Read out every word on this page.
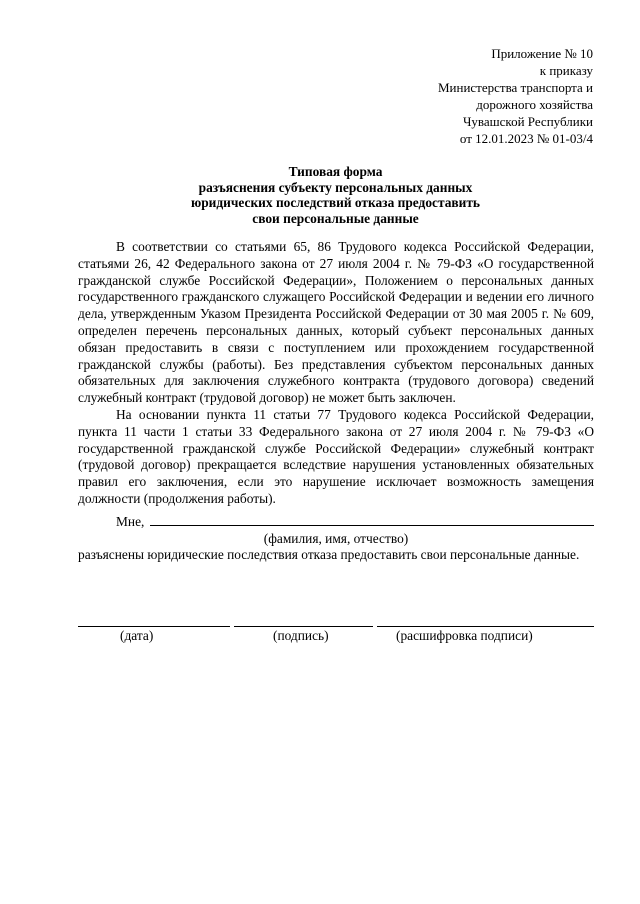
Приложение № 10
к приказу
Министерства транспорта и
дорожного хозяйства
Чувашской Республики
от 12.01.2023 № 01-03/4
Типовая форма
разъяснения субъекту персональных данных
юридических последствий отказа предоставить
свои персональные данные

В соответствии со статьями 65, 86 Трудового кодекса Российской Федерации, статьями 26, 42 Федерального закона от 27 июля 2004 г. № 79-ФЗ «О государственной гражданской службе Российской Федерации», Положением о персональных данных государственного гражданского служащего Российской Федерации и ведении его личного дела, утвержденным Указом Президента Российской Федерации от 30 мая 2005 г. № 609, определен перечень персональных данных, который субъект персональных данных обязан предоставить в связи с поступлением или прохождением государственной гражданской службы (работы). Без представления субъектом персональных данных обязательных для заключения служебного контракта (трудового договора) сведений служебный контракт (трудовой договор) не может быть заключен.

На основании пункта 11 статьи 77 Трудового кодекса Российской Федерации, пункта 11 части 1 статьи 33 Федерального закона от 27 июля 2004 г. № 79-ФЗ «О государственной гражданской службе Российской Федерации» служебный контракт (трудовой договор) прекращается вследствие нарушения установленных обязательных правил его заключения, если это нарушение исключает возможность замещения должности (продолжения работы).

Мне,
(фамилия, имя, отчество)
разъяснены юридические последствия отказа предоставить свои персональные данные.
(дата)	(подпись)	(расшифровка подписи)
